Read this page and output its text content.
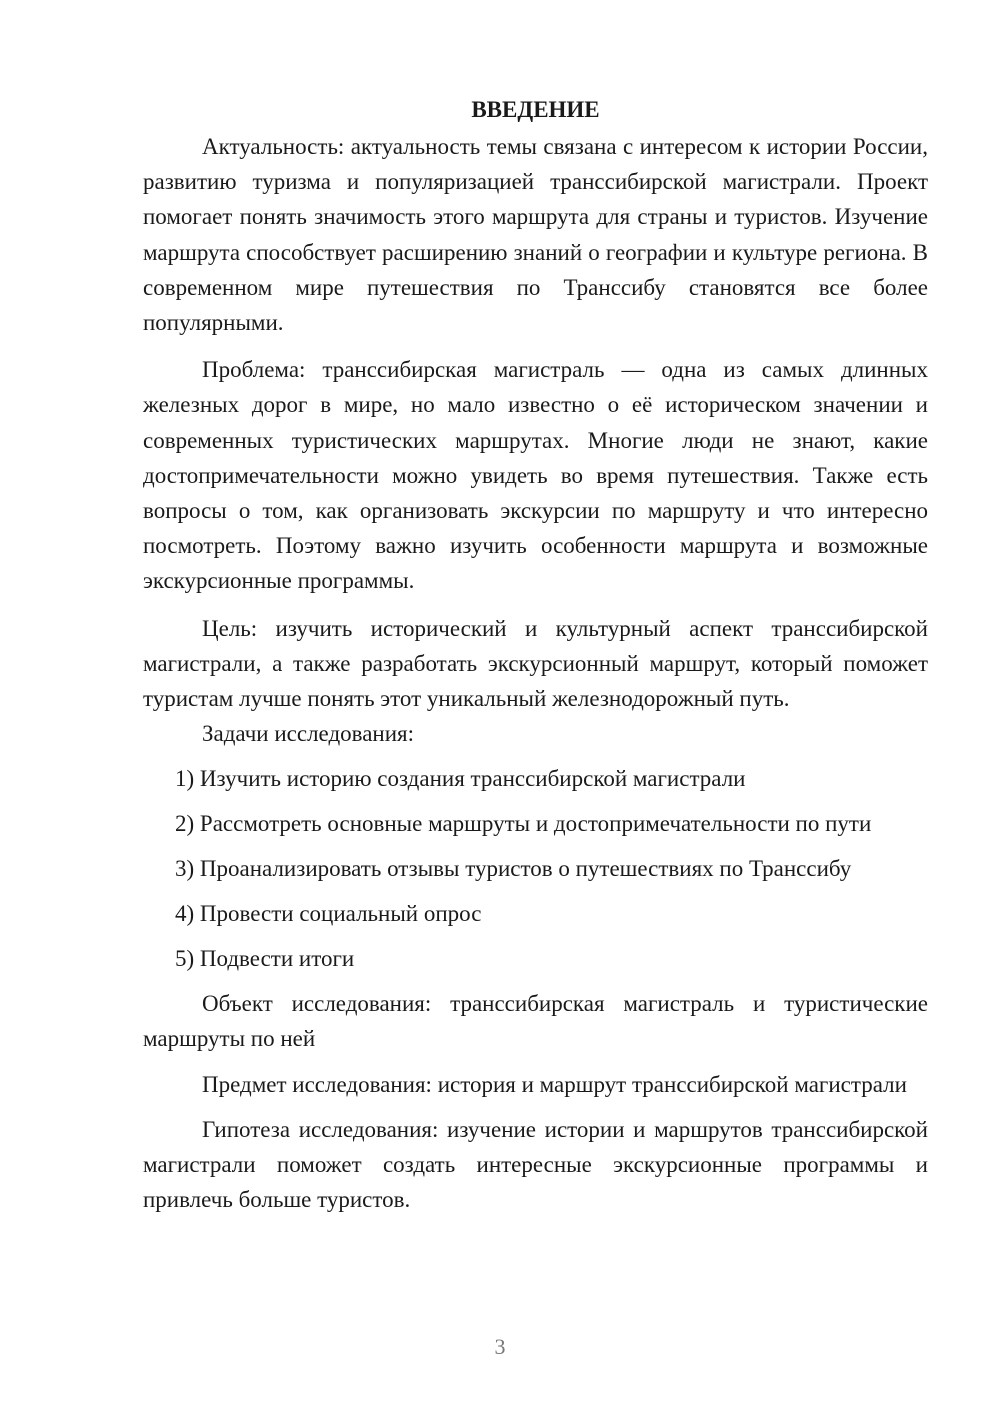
ВВЕДЕНИЕ

Актуальность: актуальность темы связана с интересом к истории России, развитию туризма и популяризацией транссибирской магистрали. Проект помогает понять значимость этого маршрута для страны и туристов. Изучение маршрута способствует расширению знаний о географии и культуре региона. В современном мире путешествия по Транссибу становятся все более популярными.

Проблема: транссибирская магистраль — одна из самых длинных железных дорог в мире, но мало известно о её историческом значении и современных туристических маршрутах. Многие люди не знают, какие достопримечательности можно увидеть во время путешествия. Также есть вопросы о том, как организовать экскурсии по маршруту и что интересно посмотреть. Поэтому важно изучить особенности маршрута и возможные экскурсионные программы.

Цель: изучить исторический и культурный аспект транссибирской магистрали, а также разработать экскурсионный маршрут, который поможет туристам лучше понять этот уникальный железнодорожный путь.

Задачи исследования:

1) Изучить историю создания транссибирской магистрали
2) Рассмотреть основные маршруты и достопримечательности по пути
3) Проанализировать отзывы туристов о путешествиях по Транссибу
4) Провести социальный опрос
5) Подвести итоги

Объект исследования: транссибирская магистраль и туристические маршруты по ней

Предмет исследования: история и маршрут транссибирской магистрали

Гипотеза исследования: изучение истории и маршрутов транссибирской магистрали поможет создать интересные экскурсионные программы и привлечь больше туристов.

3
